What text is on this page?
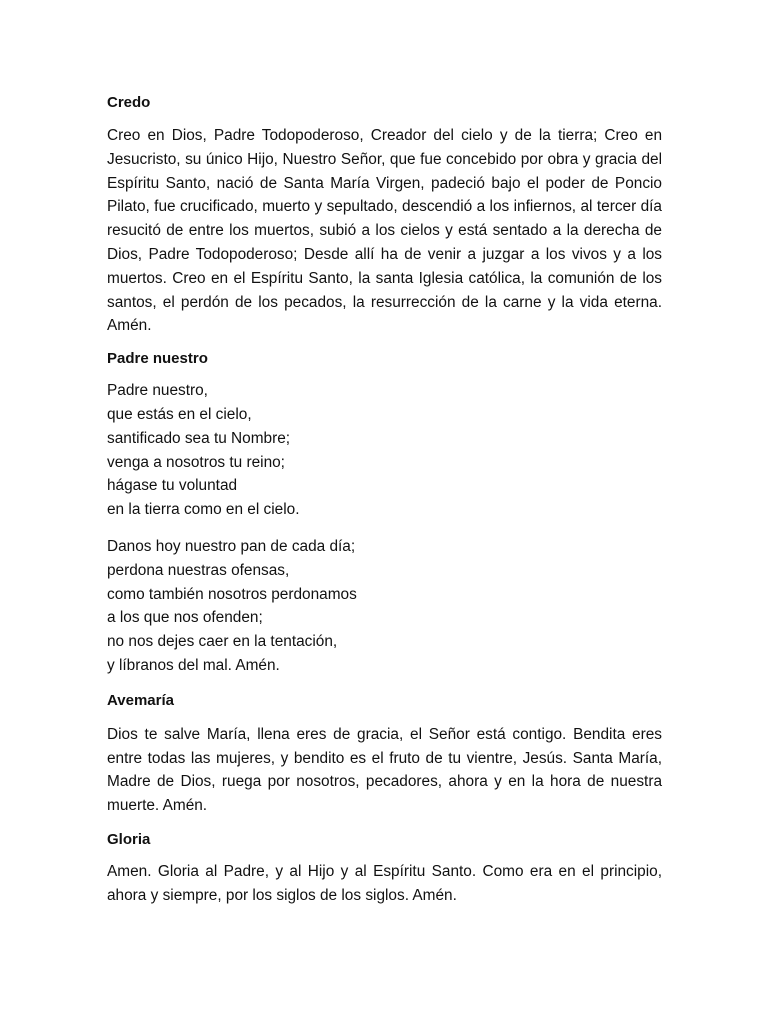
Credo

Creo en Dios, Padre Todopoderoso, Creador del cielo y de la tierra; Creo en Jesucristo, su único Hijo, Nuestro Señor, que fue concebido por obra y gracia del Espíritu Santo, nació de Santa María Virgen, padeció bajo el poder de Poncio Pilato, fue crucificado, muerto y sepultado, descendió a los infiernos, al tercer día resucitó de entre los muertos, subió a los cielos y está sentado a la derecha de Dios, Padre Todopoderoso; Desde allí ha de venir a juzgar a los vivos y a los muertos. Creo en el Espíritu Santo, la santa Iglesia católica, la comunión de los santos, el perdón de los pecados, la resurrección de la carne y la vida eterna. Amén.

Padre nuestro

Padre nuestro,
que estás en el cielo,
santificado sea tu Nombre;
venga a nosotros tu reino;
hágase tu voluntad
en la tierra como en el cielo.

Danos hoy nuestro pan de cada día;
perdona nuestras ofensas,
como también nosotros perdonamos
a los que nos ofenden;
no nos dejes caer en la tentación,
y líbranos del mal. Amén.

Avemaría

Dios te salve María, llena eres de gracia, el Señor está contigo. Bendita eres entre todas las mujeres, y bendito es el fruto de tu vientre, Jesús. Santa María, Madre de Dios, ruega por nosotros, pecadores, ahora y en la hora de nuestra muerte. Amén.

Gloria

Amen. Gloria al Padre, y al Hijo y al Espíritu Santo. Como era en el principio, ahora y siempre, por los siglos de los siglos. Amén.
